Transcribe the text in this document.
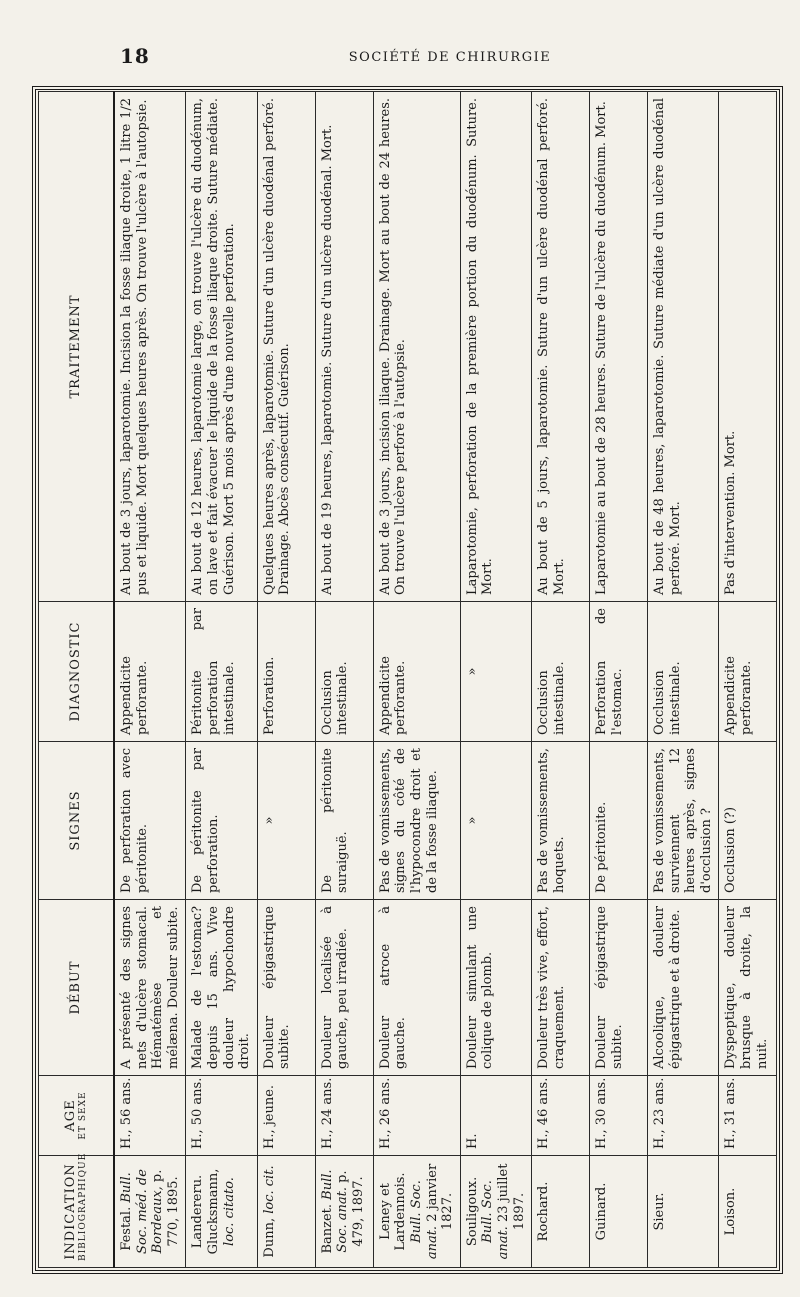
18	SOCIÉTÉ DE CHIRURGIE
INDICATION BIBLIOGRAPHIQUE	AGE ET SEXE	DÉBUT	SIGNES	DIAGNOSTIC	TRAITEMENT
Festal. Bull. Soc. méd. de Bordeaux, p. 770, 1895.	H., 56 ans.	A présenté des signes nets d'ulcère stomacal. Hématémèse et mélæna. Douleur subite.	De perforation avec péritonite.	Appendicite perforante.	Au bout de 3 jours, laparotomie. Incision la fosse iliaque droite, 1 litre 1/2 pus et liquide. Mort quelques heures après. On trouve l'ulcère à l'autopsie.
Landereru. Glucksmann, loc. citato.	H., 50 ans.	Malade de l'estomac? depuis 15 ans. Vive douleur hypochondre droit.	De péritonite par perforation.	Péritonite par perforation intestinale.	Au bout de 12 heures, laparotomie large, on trouve l'ulcère du duodénum, on lave et fait évacuer le liquide de la fosse iliaque droite. Suture médiate. Guérison. Mort 5 mois après d'une nouvelle perforation.
Dunn, loc. cit.	H., jeune.	Douleur épigastrique subite.	»	Perforation.	Quelques heures après, laparotomie. Suture d'un ulcère duodénal perforé. Drainage. Abcès consécutif. Guérison.
Banzet. Bull. Soc. anat. p. 479, 1897.	H., 24 ans.	Douleur localisée à gauche, peu irradiée.	De péritonite suraiguë.	Occlusion intestinale.	Au bout de 19 heures, laparotomie. Suture d'un ulcère duodénal. Mort.
Leney et Lardennois. Bull. Soc. anat. 2 janvier 1827.	H., 26 ans.	Douleur atroce à gauche.	Pas de vomissements, signes du côté de l'hypocondre droit et de la fosse iliaque.	Appendicite perforante.	Au bout de 3 jours, incision iliaque. Drainage. Mort au bout de 24 heures. On trouve l'ulcère perforé à l'autopsie.
Souligoux. Bull. Soc. anat. 23 juillet 1897.	H.	Douleur simulant une colique de plomb.	»	»	Laparotomie, perforation de la première portion du duodénum. Suture. Mort.
Rochard.	H., 46 ans.	Douleur très vive, effort, craquement.	Pas de vomissements, hoquets.	Occlusion intestinale.	Au bout de 5 jours, laparotomie. Suture d'un ulcère duodénal perforé. Mort.
Guinard.	H., 30 ans.	Douleur épigastrique subite.	De péritonite.	Perforation de l'estomac.	Laparotomie au bout de 28 heures. Suture de l'ulcère du duodénum. Mort.
Sieur.	H., 23 ans.	Alcoolique, douleur épigastrique et à droite.	Pas de vomissements, surviennent 12 heures après, signes d'occlusion ?	Occlusion intestinale.	Au bout de 48 heures, laparotomie. Suture médiate d'un ulcère duodénal perforé. Mort.
Loison.	H., 31 ans.	Dyspeptique, douleur brusque à droite, la nuit.	Occlusion (?)	Appendicite perforante.	Pas d'intervention. Mort.
